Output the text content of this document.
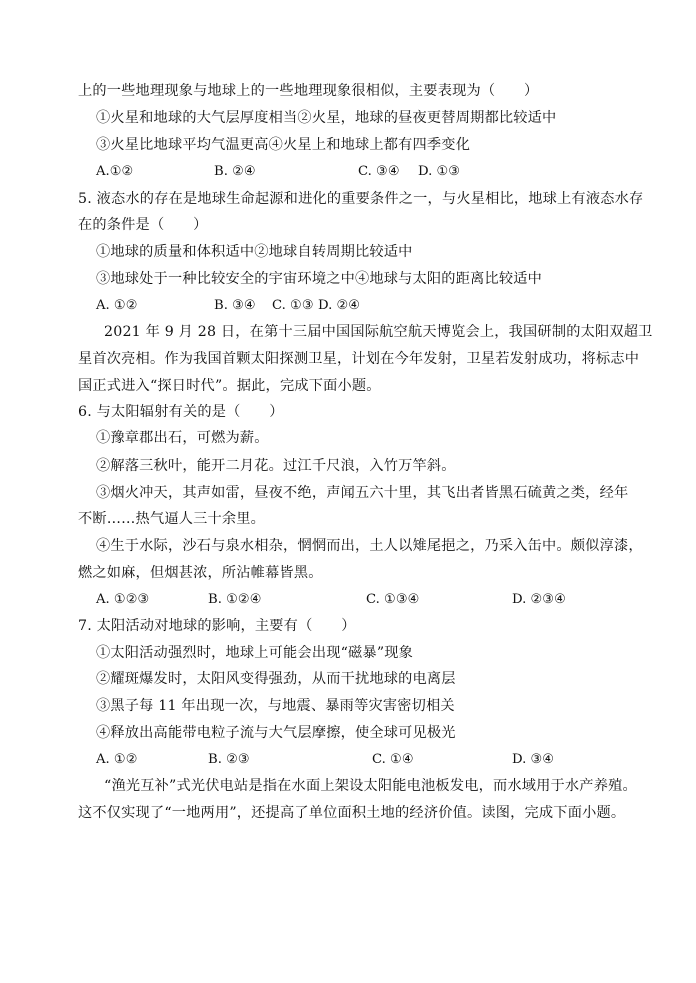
上的一些地理现象与地球上的一些地理现象很相似，主要表现为（　　）
①火星和地球的大气层厚度相当②火星，地球的昼夜更替周期都比较适中
③火星比地球平均气温更高④火星上和地球上都有四季变化
A.①②	B. ②④	C. ③④ D. ①③
5. 液态水的存在是地球生命起源和进化的重要条件之一，与火星相比，地球上有液态水存
在的条件是（　　）
①地球的质量和体积适中②地球自转周期比较适中
③地球处于一种比较安全的宇宙环境之中④地球与太阳的距离比较适中
A. ①②	B. ③④ C. ①③ D. ②④
2021 年 9 月 28 日，在第十三届中国国际航空航天博览会上，我国研制的太阳双超卫
星首次亮相。作为我国首颗太阳探测卫星，计划在今年发射，卫星若发射成功，将标志中
国正式进入“探日时代”。据此，完成下面小题。
6. 与太阳辐射有关的是（　　）
①豫章郡出石，可燃为薪。
②解落三秋叶，能开二月花。过江千尺浪，入竹万竿斜。
③烟火冲天，其声如雷，昼夜不绝，声闻五六十里，其飞出者皆黑石硫黄之类，经年
不断……热气逼人三十余里。
④生于水际，沙石与泉水相杂，惘惘而出，土人以雉尾挹之，乃采入缶中。颇似淳漆，
燃之如麻，但烟甚浓，所沾帷幕皆黑。
A. ①②③	B. ①②④	C. ①③④	D. ②③④
7. 太阳活动对地球的影响，主要有（　　）
①太阳活动强烈时，地球上可能会出现“磁暴”现象
②耀斑爆发时，太阳风变得强劲，从而干扰地球的电离层
③黑子每 11 年出现一次，与地震、暴雨等灾害密切相关
④释放出高能带电粒子流与大气层摩擦，使全球可见极光
A. ①②	B. ②③	C. ①④	D. ③④
“渔光互补”式光伏电站是指在水面上架设太阳能电池板发电，而水域用于水产养殖。
这不仅实现了“一地两用”，还提高了单位面积土地的经济价值。读图，完成下面小题。
